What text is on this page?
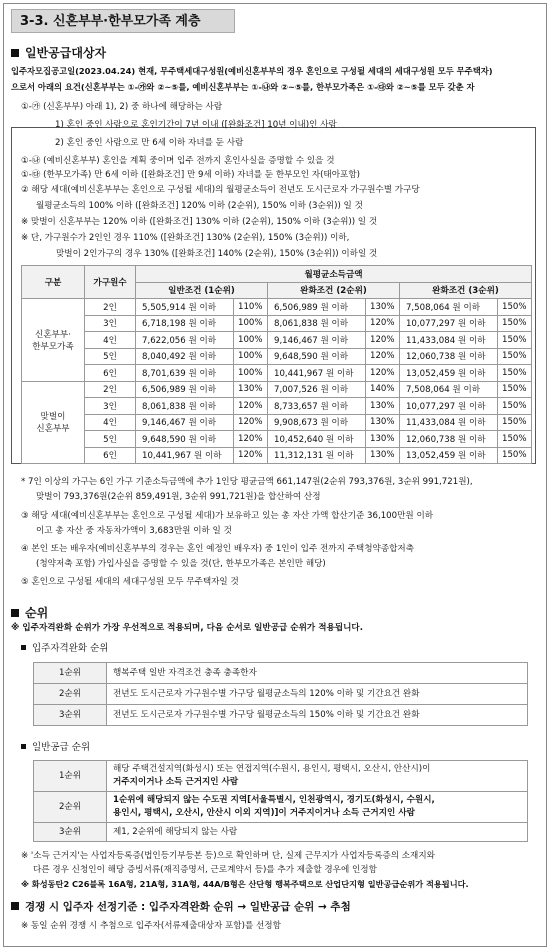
3-3. 신혼부부·한부모가족 계층
일반공급대상자
입주자모집공고일(2023.04.24) 현재, 무주택세대구성원(예비신혼부부의 경우 혼인으로 구성될 세대의 세대구성원 모두 무주택자)
으로서 아래의 요건(신혼부부는 ①-㉮와 ②~⑤를, 예비신혼부부는 ①-㉯와 ②~⑤를, 한부모가족은 ①-㉰와 ②~⑤를 모두 갖춘 자
①-㉮ (신혼부부) 아래 1), 2) 중 하나에 해당하는 사람
1) 혼인 중인 사람으로 혼인기간이 7년 이내 ([완화조건] 10년 이내)인 사람
2) 혼인 중인 사람으로 만 6세 이하 자녀를 둔 사람
①-㉯ (예비신혼부부) 혼인을 계획 중이며 입주 전까지 혼인사실을 증명할 수 있을 것
①-㉰ (한부모가족) 만 6세 이하 ([완화조건] 만 9세 이하) 자녀를 둔 한부모인 자(태아포함)
② 해당 세대(예비신혼부부는 혼인으로 구성될 세대)의 월평균소득이 전년도 도시근로자 가구원수별 가구당
월평균소득의 100% 이하 ([완화조건] 120% 이하 (2순위), 150% 이하 (3순위)) 일 것
※ 맞벌이 신혼부부는 120% 이하 ([완화조건] 130% 이하 (2순위), 150% 이하 (3순위)) 일 것
※ 단, 가구원수가 2인인 경우 110% ([완화조건] 130% (2순위), 150% (3순위)) 이하,
맞벌이 2인가구의 경우 130% ([완화조건] 140% (2순위), 150% (3순위)) 이하일 것
구분	가구원수	월평균소득금액					
		일반조건 (1순위)		완화조건 (2순위)		완화조건 (3순위)	
신혼부부·
한부모가족	2인	5,505,914 원 이하	110%	6,506,989 원 이하	130%	7,508,064 원 이하	150%
	3인	6,718,198 원 이하	100%	8,061,838 원 이하	120%	10,077,297 원 이하	150%
	4인	7,622,056 원 이하	100%	9,146,467 원 이하	120%	11,433,084 원 이하	150%
	5인	8,040,492 원 이하	100%	9,648,590 원 이하	120%	12,060,738 원 이하	150%
	6인	8,701,639 원 이하	100%	10,441,967 원 이하	120%	13,052,459 원 이하	150%
맞벌이
신혼부부	2인	6,506,989 원 이하	130%	7,007,526 원 이하	140%	7,508,064 원 이하	150%
	3인	8,061,838 원 이하	120%	8,733,657 원 이하	130%	10,077,297 원 이하	150%
	4인	9,146,467 원 이하	120%	9,908,673 원 이하	130%	11,433,084 원 이하	150%
	5인	9,648,590 원 이하	120%	10,452,640 원 이하	130%	12,060,738 원 이하	150%
	6인	10,441,967 원 이하	120%	11,312,131 원 이하	130%	13,052,459 원 이하	150%
* 7인 이상의 가구는 6인 가구 기준소득금액에 추가 1인당 평균금액 661,147원(2순위 793,376원, 3순위 991,721원),
맞벌이 793,376원(2순위 859,491원, 3순위 991,721원)을 합산하여 산정
③ 해당 세대(예비신혼부부는 혼인으로 구성될 세대)가 보유하고 있는 총 자산 가액 합산기준 36,100만원 이하
이고 총 자산 중 자동차가액이 3,683만원 이하 일 것
④ 본인 또는 배우자(예비신혼부부의 경우는 혼인 예정인 배우자) 중 1인이 입주 전까지 주택청약종합저축
(청약저축 포함) 가입사실을 증명할 수 있을 것(단, 한부모가족은 본인만 해당)
⑤ 혼인으로 구성될 세대의 세대구성원 모두 무주택자일 것
순위
※ 입주자격완화 순위가 가장 우선적으로 적용되며, 다음 순서로 일반공급 순위가 적용됩니다.
입주자격완화 순위
1순위	행복주택 일반 자격조건 충족 충족한자
2순위	전년도 도시근로자 가구원수별 가구당 월평균소득의 120% 이하 및 기간요건 완화
3순위	전년도 도시근로자 가구원수별 가구당 월평균소득의 150% 이하 및 기간요건 완화
일반공급 순위
1순위	해당 주택건설지역(화성시) 또는 연접지역(수원시, 용인시, 평택시, 오산시, 안산시)이
거주지이거나 소득 근거지인 사람
2순위	1순위에 해당되지 않는 수도권 지역[서울특별시, 인천광역시, 경기도(화성시, 수원시,
용인시, 평택시, 오산시, 안산시 이외 지역)]이 거주지이거나 소득 근거지인 사람
3순위	제1, 2순위에 해당되지 않는 사람
※ '소득 근거지'는 사업자등록증(법인등기부등본 등)으로 확인하며 단, 실제 근무지가 사업자등록증의 소재지와
다른 경우 신청인이 해당 증빙서류(재직증명서, 근로계약서 등)를 추가 제출할 경우에 인정함
※ 화성동탄2 C26블록 16A형, 21A형, 31A형, 44A/B형은 산단형 행복주택으로 산업단지형 일반공급순위가 적용됩니다.
경쟁 시 입주자 선정기준 : 입주자격완화 순위 → 일반공급 순위 → 추첨
※ 동일 순위 경쟁 시 추첨으로 입주자(서류제출대상자 포함)를 선정함
